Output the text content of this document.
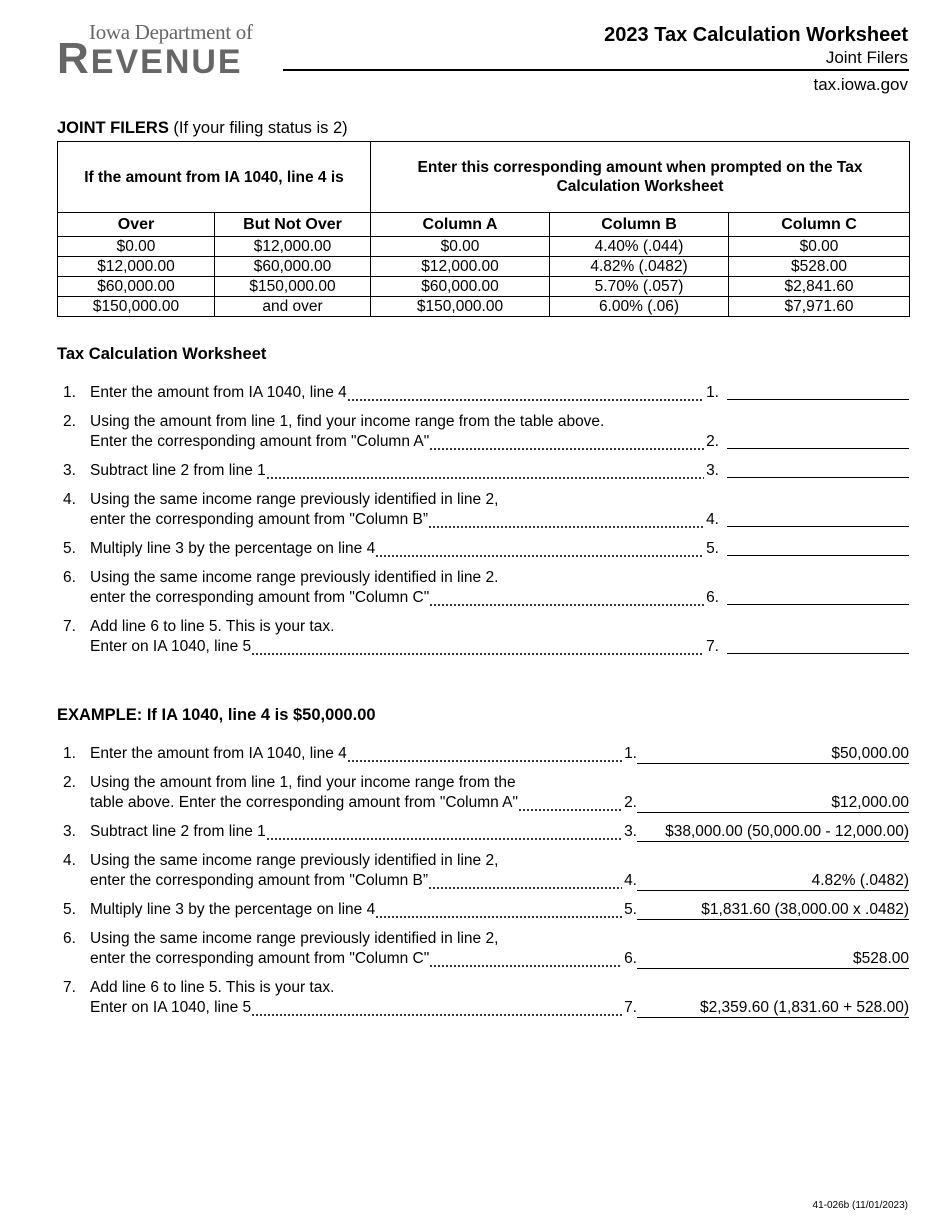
Iowa Department of
REVENUE
2023 Tax Calculation Worksheet
Joint Filers
tax.iowa.gov
JOINT FILERS (If your filing status is 2)
If the amount from IA 1040, line 4 is		Enter this corresponding amount when prompted on the Tax Calculation Worksheet		
Over	But Not Over	Column A	Column B	Column C
$0.00	$12,000.00	$0.00	4.40% (.044)	$0.00
$12,000.00	$60,000.00	$12,000.00	4.82% (.0482)	$528.00
$60,000.00	$150,000.00	$60,000.00	5.70% (.057)	$2,841.60
$150,000.00	and over	$150,000.00	6.00% (.06)	$7,971.60
Tax Calculation Worksheet
1. Enter the amount from IA 1040, line 4	1.
2. Using the amount from line 1, find your income range from the table above.
Enter the corresponding amount from "Column A"	2.
3. Subtract line 2 from line 1	3.
4. Using the same income range previously identified in line 2,
enter the corresponding amount from "Column B”	4.
5. Multiply line 3 by the percentage on line 4	5.
6. Using the same income range previously identified in line 2.
enter the corresponding amount from "Column C"	6.
7. Add line 6 to line 5. This is your tax.
Enter on IA 1040, line 5	7.
EXAMPLE: If IA 1040, line 4 is $50,000.00
1. Enter the amount from IA 1040, line 4	1.	$50,000.00
2. Using the amount from line 1, find your income range from the
table above. Enter the corresponding amount from "Column A"	2.	$12,000.00
3. Subtract line 2 from line 1	3.	$38,000.00 (50,000.00 - 12,000.00)
4. Using the same income range previously identified in line 2,
enter the corresponding amount from "Column B”	4.	4.82% (.0482)
5. Multiply line 3 by the percentage on line 4	5.	$1,831.60 (38,000.00 x .0482)
6. Using the same income range previously identified in line 2,
enter the corresponding amount from "Column C"	6.	$528.00
7. Add line 6 to line 5. This is your tax.
Enter on IA 1040, line 5	7.	$2,359.60 (1,831.60 + 528.00)
41-026b (11/01/2023)
